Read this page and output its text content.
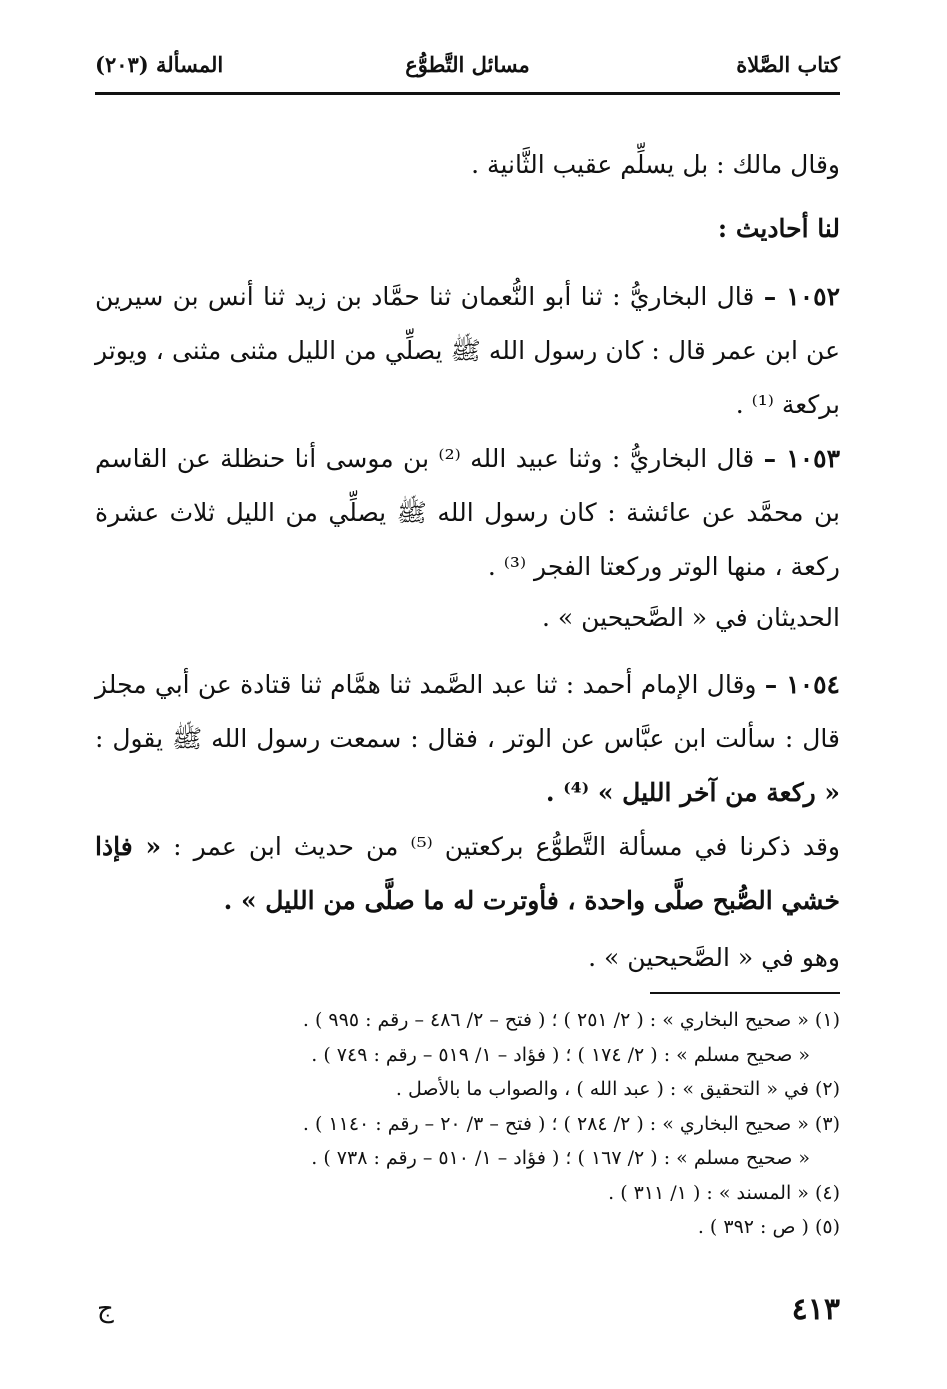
كتاب الصَّلاة
مسائل التَّطوُّع
المسألة (٢٠٣)
وقال مالك : بل يسلِّم عقيب الثَّانية .
لنا أحاديث :
١٠٥٢ – قال البخاريُّ : ثنا أبو النُّعمان ثنا حمَّاد بن زيد ثنا أنس بن سيرين عن ابن عمر قال : كان رسول الله ﷺ يصلِّي من الليل مثنى مثنى ، ويوتر بركعة ⁽¹⁾ .
١٠٥٣ – قال البخاريُّ : وثنا عبيد الله ⁽²⁾ بن موسى أنا حنظلة عن القاسم بن محمَّد عن عائشة : كان رسول الله ﷺ يصلِّي من الليل ثلاث عشرة ركعة ، منها الوتر وركعتا الفجر ⁽³⁾ .
الحديثان في « الصَّحيحين » .
١٠٥٤ – وقال الإمام أحمد : ثنا عبد الصَّمد ثنا همَّام ثنا قتادة عن أبي مجلز قال : سألت ابن عبَّاس عن الوتر ، فقال : سمعت رسول الله ﷺ يقول : « ركعة من آخر الليل » ⁽⁴⁾ .
وقد ذكرنا في مسألة التَّطوُّع بركعتين ⁽⁵⁾ من حديث ابن عمر : « فإذا خشي الصُّبح صلَّى واحدة ، فأوترت له ما صلَّى من الليل » .
وهو في « الصَّحيحين » .
(١) « صحيح البخاري » : ( ٢/ ٢٥١ ) ؛ ( فتح – ٢/ ٤٨٦ – رقم : ٩٩٥ ) .
« صحيح مسلم » : ( ٢/ ١٧٤ ) ؛ ( فؤاد – ١/ ٥١٩ – رقم : ٧٤٩ ) .
(٢) في « التحقيق » : ( عبد الله ) ، والصواب ما بالأصل .
(٣) « صحيح البخاري » : ( ٢/ ٢٨٤ ) ؛ ( فتح – ٣/ ٢٠ – رقم : ١١٤٠ ) .
« صحيح مسلم » : ( ٢/ ١٦٧ ) ؛ ( فؤاد – ١/ ٥١٠ – رقم : ٧٣٨ ) .
(٤) « المسند » : ( ١/ ٣١١ ) .
(٥) ( ص : ٣٩٢ ) .
٤١٣
ج
